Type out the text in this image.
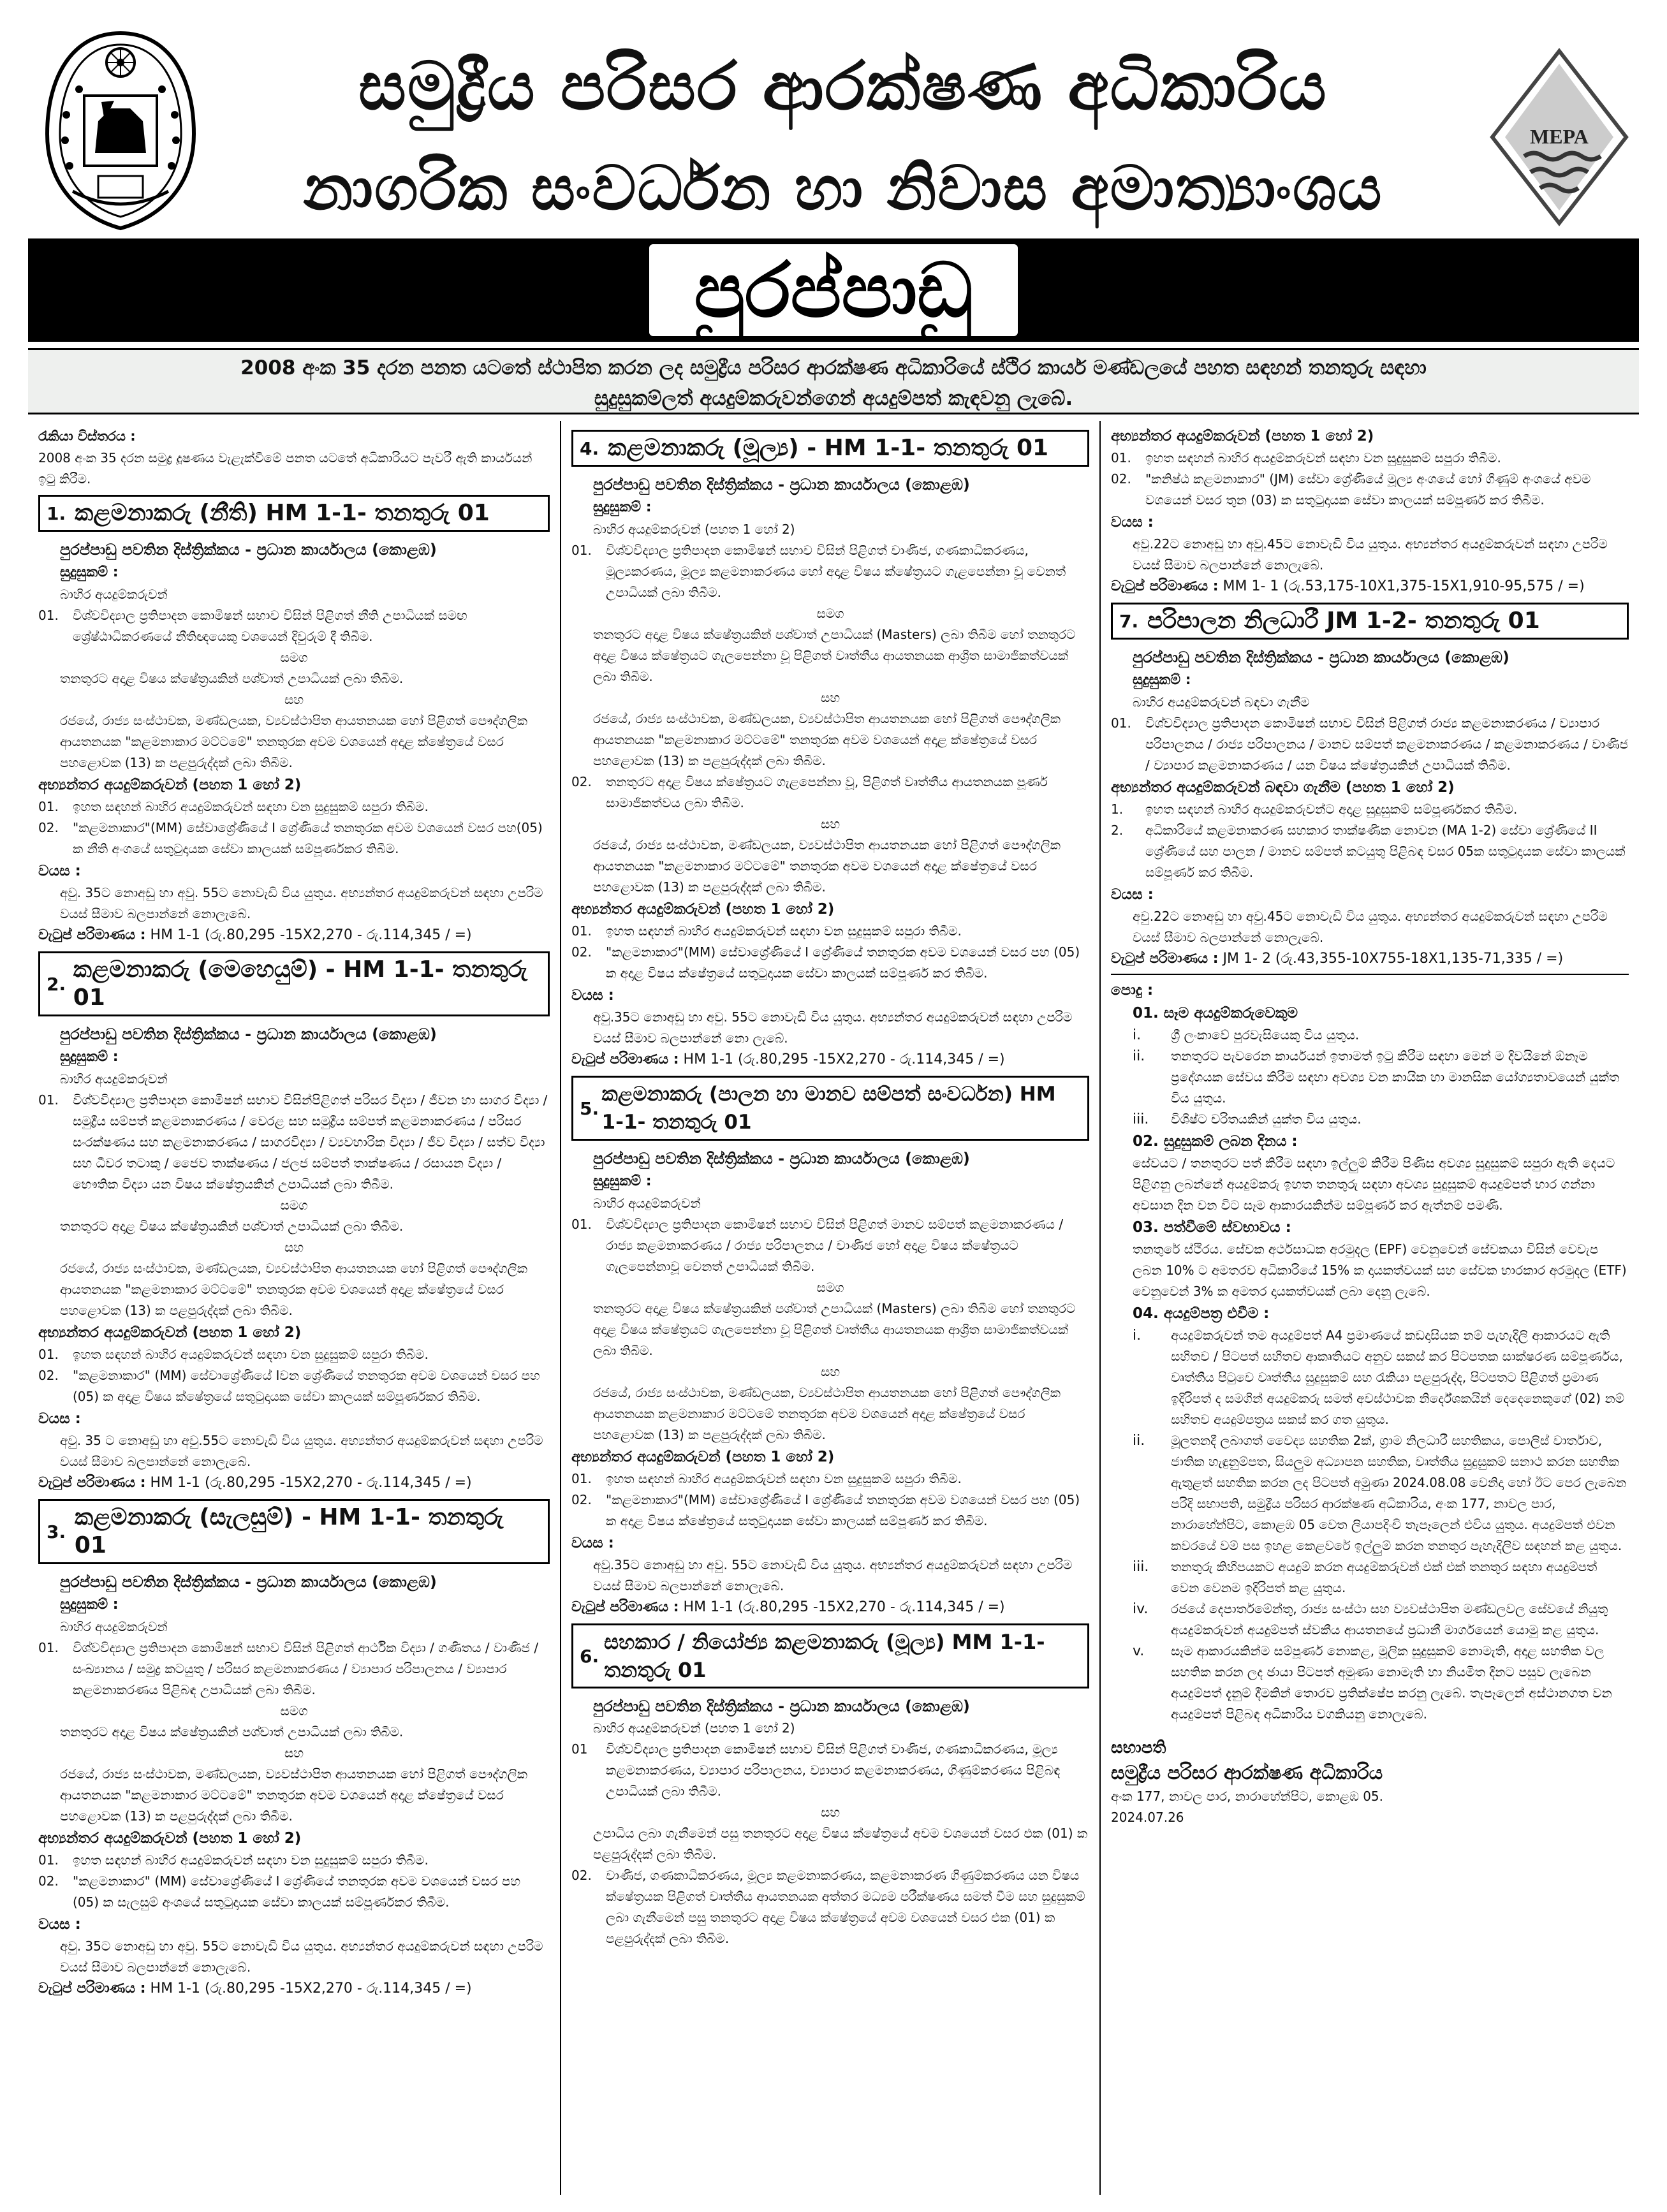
සමුද්‍රීය පරිසර ආරක්ෂණ අධිකාරිය
නාගරික සංවර්ධන හා නිවාස අමාත්‍යාංශය
MEPA
පුරප්පාඩු
2008 අංක 35 දරන පනත යටතේ ස්ථාපිත කරන ලද සමුද්‍රීය පරිසර ආරක්ෂණ අධිකාරියේ ස්ථිර කාර්ය මණ්ඩලයේ පහත සඳහන් තනතුරු සඳහා
සුදුසුකම්ලත් අයදුම්කරුවන්ගෙන් අයදුම්පත් කැඳවනු ලැබේ.

රැකියා විස්තරය :

2008 අංක 35 දරන සමුද්‍ර දූෂණය වැළැක්වීමේ පනත යටතේ අධිකාරියට පැවරී ඇති කාර්යයන් ඉටු කිරීම.

1. කළමනාකරු (නීති) HM 1-1- තනතුරු 01
පුරප්පාඩු පවතින දිස්ත්‍රික්කය - ප්‍රධාන කාර්යාලය (කොළඹ)
සුදුසුකම් :

බාහිර අයදුම්කරුවන්

01.	විශ්වවිද්‍යාල ප්‍රතිපාදන කොමිෂන් සභාව විසින් පිළිගත් නීති උපාධියක් සමඟ ශ්‍රේෂ්ඨාධිකරණයේ නීතිඥයෙකු වශයෙන් දිවුරුම් දී තිබීම.

සමග

තනතුරට අදාළ විෂය ක්ෂේත්‍රයකින් පශ්චාත් උපාධියක් ලබා තිබීම.

සහ

රජයේ, රාජ්‍ය සංස්ථාවක, මණ්ඩලයක, ව්‍යවස්ථාපිත ආයතනයක හෝ පිළිගත් පෞද්ගලික ආයතනයක "කළමනාකාර මට්ටමේ" තනතුරක අවම වශයෙන් අදාළ ක්ෂේත්‍රයේ වසර පහළොවක (13) ක පළපුරුද්දක් ලබා තිබීම.

අභ්‍යන්තර අයදුම්කරුවන් (පහත 1 හෝ 2)
01.	ඉහත සඳහන් බාහිර අයදුම්කරුවන් සඳහා වන සුදුසුකම් සපුරා තිබීම.
02.	"කළමනාකාර"(MM) සේවාශ්‍රේණියේ I ශ්‍රේණියේ තනතුරක අවම වශයෙන් වසර පහ(05) ක නීති අංශයේ සතුටුදායක සේවා කාලයක් සම්පූර්ණකර තිබීම.
වයස :

අවු. 35ට නොඅඩු හා අවු. 55ට නොවැඩි විය යුතුය. අභ්‍යන්තර අයදුම්කරුවන් සඳහා උපරිම වයස් සීමාව බලපාන්නේ නොලැබේ.

වැටුප් පරිමාණය : HM 1-1 (රු.80,295 -15X2,270 - රු.114,345 / =)
2.
කළමනාකරු (මෙහෙයුම්) - HM 1-1- තනතුරු 01
පුරප්පාඩු පවතින දිස්ත්‍රික්කය - ප්‍රධාන කාර්යාලය (කොළඹ)
සුදුසුකම් :

බාහිර අයදුම්කරුවන්

01.	විශ්වවිද්‍යාල ප්‍රතිපාදන කොමිෂන් සභාව විසින්පිළිගත් පරිසර විද්‍යා / ජීවන හා සාගර විද්‍යා / සමුද්‍රීය සම්පත් කළමනාකරණය / වෙරළ සහ සමුද්‍රීය සම්පත් කළමනාකරණය / පරිසර සංරක්ෂණය සහ කළමනාකරණය / සාගරවිද්‍යා / ව්‍යවහාරික විද්‍යා / ජීව විද්‍යා / සත්ව විද්‍යා සහ ධීවර තටාකු / ජෛව තාක්ෂණය / ජලජ සම්පත් තාක්ෂණය / රසායන විද්‍යා / භෞතික විද්‍යා යන විෂය ක්ෂේත්‍රයකින් උපාධියක් ලබා තිබීම.

සමග

තනතුරට අදාළ විෂය ක්ෂේත්‍රයකින් පශ්චාත් උපාධියක් ලබා තිබීම.

සහ

රජයේ, රාජ්‍ය සංස්ථාවක, මණ්ඩලයක, ව්‍යවස්ථාපිත ආයතනයක හෝ පිළිගත් පෞද්ගලික ආයතනයක "කළමනාකාර මට්ටමේ" තනතුරක අවම වශයෙන් අදාළ ක්ෂේත්‍රයේ වසර පහළොවක (13) ක පළපුරුද්දක් ලබා තිබීම.

අභ්‍යන්තර අයදුම්කරුවන් (පහත 1 හෝ 2)
01.	ඉහත සඳහන් බාහිර අයදුම්කරුවන් සඳහා වන සුදුසුකම් සපුරා තිබීම.
02.	"කළමනාකාර" (MM) සේවාශ්‍රේණියේ Iවන ශ්‍රේණියේ තනතුරක අවම වශයෙන් වසර පහ (05) ක අදාළ විෂය ක්ෂේත්‍රයේ සතුටුදායක සේවා කාලයක් සම්පූර්ණකර තිබීම.
වයස :

අවු. 35 ට නොඅඩු හා අවු.55ට නොවැඩි විය යුතුය. අභ්‍යන්තර අයදුම්කරුවන් සඳහා උපරිම වයස් සීමාව බලපාන්නේ නොලැබේ.

වැටුප් පරිමාණය : HM 1-1 (රු.80,295 -15X2,270 - රු.114,345 / =)
3.
කළමනාකරු (සැලසුම්) - HM 1-1- තනතුරු 01
පුරප්පාඩු පවතින දිස්ත්‍රික්කය - ප්‍රධාන කාර්යාලය (කොළඹ)
සුදුසුකම් :

බාහිර අයදුම්කරුවන්

01.	විශ්වවිද්‍යාල ප්‍රතිපාදන කොමිෂන් සභාව විසින් පිළිගත් ආර්ථික විද්‍යා / ගණිතය / වාණිජ / සංඛ්‍යානය / සමුද්‍ර කටයුතු / පරිසර කළමනාකරණය / ව්‍යාපාර පරිපාලනය / ව්‍යාපාර කළමනාකරණය පිළිබඳ උපාධියක් ලබා තිබීම.

සමග

තනතුරට අදාළ විෂය ක්ෂේත්‍රයකින් පශ්චාත් උපාධියක් ලබා තිබීම.

සහ

රජයේ, රාජ්‍ය සංස්ථාවක, මණ්ඩලයක, ව්‍යවස්ථාපිත ආයතනයක හෝ පිළිගත් පෞද්ගලික ආයතනයක "කළමනාකාර මට්ටමේ" තනතුරක අවම වශයෙන් අදාළ ක්ෂේත්‍රයේ වසර පහළොවක (13) ක පළපුරුද්දක් ලබා තිබීම.

අභ්‍යන්තර අයදුම්කරුවන් (පහත 1 හෝ 2)
01.	ඉහත සඳහන් බාහිර අයදුම්කරුවන් සඳහා වන සුදුසුකම් සපුරා තිබීම.
02.	"කළමනාකාර" (MM) සේවාශ්‍රේණියේ I ශ්‍රේණියේ තනතුරක අවම වශයෙන් වසර පහ (05) ක සැලසුම් අංශයේ සතුටුදායක සේවා කාලයක් සම්පූර්ණකර තිබීම.
වයස :

අවු. 35ට නොඅඩු හා අවු. 55ට නොවැඩි විය යුතුය. අභ්‍යන්තර අයදුම්කරුවන් සඳහා උපරිම වයස් සීමාව බලපාන්නේ නොලැබේ.

වැටුප් පරිමාණය : HM 1-1 (රු.80,295 -15X2,270 - රු.114,345 / =)
4. කළමනාකරු (මූල්‍ය) - HM 1-1- තනතුරු 01
පුරප්පාඩු පවතින දිස්ත්‍රික්කය - ප්‍රධාන කාර්යාලය (කොළඹ)
සුදුසුකම් :

බාහිර අයදුම්කරුවන් (පහත 1 හෝ 2)

01.	විශ්වවිද්‍යාල ප්‍රතිපාදන කොමිෂන් සභාව විසින් පිළිගත් වාණිජ, ගණකාධිකරණය, මූල්‍යකරණය, මූල්‍ය කළමනාකරණය හෝ අදාළ විෂය ක්ෂේත්‍රයට ගැළපෙන්නා වූ වෙනත් උපාධියක් ලබා තිබීම.

සමග

තනතුරට අදාළ විෂය ක්ෂේත්‍රයකින් පශ්චාත් උපාධියක් (Masters) ලබා තිබීම හෝ තනතුරට අදාළ විෂය ක්ෂේත්‍රයට ගැලපෙන්නා වූ පිළිගත් වෘත්තීය ආයතනයක ආශ්‍රිත සාමාජිකත්වයක් ලබා තිබීම.

සහ

රජයේ, රාජ්‍ය සංස්ථාවක, මණ්ඩලයක, ව්‍යවස්ථාපිත ආයතනයක හෝ පිළිගත් පෞද්ගලික ආයතනයක "කළමනාකාර මට්ටමේ" තනතුරක අවම වශයෙන් අදාළ ක්ෂේත්‍රයේ වසර පහළොවක (13) ක පළපුරුද්දක් ලබා තිබීම.

02.	තනතුරට අදාළ විෂය ක්ෂේත්‍රයට ගැළපෙන්නා වූ, පිළිගත් වෘත්තීය ආයතනයක පූර්ණ සාමාජිකත්වය ලබා තිබීම.

සහ

රජයේ, රාජ්‍ය සංස්ථාවක, මණ්ඩලයක, ව්‍යවස්ථාපිත ආයතනයක හෝ පිළිගත් පෞද්ගලික ආයතනයක "කළමනාකාර මට්ටමේ" තනතුරක අවම වශයෙන් අදාළ ක්ෂේත්‍රයේ වසර පහළොවක (13) ක පළපුරුද්දක් ලබා තිබීම.

අභ්‍යන්තර අයදුම්කරුවන් (පහත 1 හෝ 2)
01.	ඉහත සඳහන් බාහිර අයදුම්කරුවන් සඳහා වන සුදුසුකම් සපුරා තිබීම.
02.	"කළමනාකාර"(MM) සේවාශ්‍රේණියේ I ශ්‍රේණියේ තනතුරක අවම වශයෙන් වසර පහ (05) ක අදාළ විෂය ක්ෂේත්‍රයේ සතුටුදායක සේවා කාලයක් සම්පූර්ණ කර තිබීම.
වයස :

අවු.35ට නොඅඩු හා අවු. 55ට නොවැඩි විය යුතුය. අභ්‍යන්තර අයදුම්කරුවන් සඳහා උපරිම වයස් සීමාව බලපාන්නේ නො ලැබේ.

වැටුප් පරිමාණය : HM 1-1 (රු.80,295 -15X2,270 - රු.114,345 / =)
5.
කළමනාකරු (පාලන හා මානව සම්පත් සංවර්ධන) HM 1-1- තනතුරු 01
පුරප්පාඩු පවතින දිස්ත්‍රික්කය - ප්‍රධාන කාර්යාලය (කොළඹ)
සුදුසුකම් :

බාහිර අයදුම්කරුවන්

01.	විශ්වවිද්‍යාල ප්‍රතිපාදන කොමිෂන් සභාව විසින් පිළිගත් මානව සම්පත් කළමනාකරණය / රාජ්‍ය කළමනාකරණය / රාජ්‍ය පරිපාලනය / වාණිජ හෝ අදාළ විෂය ක්ෂේත්‍රයට ගැලපෙන්නාවූ වෙනත් උපාධියක් තිබීම.

සමග

තනතුරට අදාළ විෂය ක්ෂේත්‍රයකින් පශ්චාත් උපාධියක් (Masters) ලබා තිබීම හෝ තනතුරට අදාළ විෂය ක්ෂේත්‍රයට ගැලපෙන්නා වූ පිළිගත් වෘත්තීය ආයතනයක ආශ්‍රිත සාමාජිකත්වයක් ලබා තිබීම.

සහ

රජයේ, රාජ්‍ය සංස්ථාවක, මණ්ඩලයක, ව්‍යවස්ථාපිත ආයතනයක හෝ පිළිගත් පෞද්ගලික ආයතනයක කළමනාකාර මට්ටමේ තනතුරක අවම වශයෙන් අදාළ ක්ෂේත්‍රයේ වසර පහළොවක (13) ක පළපුරුද්දක් ලබා තිබීම.

අභ්‍යන්තර අයදුම්කරුවන් (පහත 1 හෝ 2)
01.	ඉහත සඳහන් බාහිර අයදුම්කරුවන් සඳහා වන සුදුසුකම් සපුරා තිබීම.
02.	"කළමනාකාර"(MM) සේවාශ්‍රේණියේ I ශ්‍රේණියේ තනතුරක අවම වශයෙන් වසර පහ (05) ක අදාළ විෂය ක්ෂේත්‍රයේ සතුටුදායක සේවා කාලයක් සම්පූර්ණ කර තිබීම.
වයස :

අවු.35ට නොඅඩු හා අවු. 55ට නොවැඩි විය යුතුය. අභ්‍යන්තර අයදුම්කරුවන් සඳහා උපරිම වයස් සීමාව බලපාන්නේ නොලැබේ.

වැටුප් පරිමාණය : HM 1-1 (රු.80,295 -15X2,270 - රු.114,345 / =)
6.
සහකාර / නියෝජ්‍ය කළමනාකරු (මූල්‍ය) MM 1-1- තනතුරු 01
පුරප්පාඩු පවතින දිස්ත්‍රික්කය - ප්‍රධාන කාර්යාලය (කොළඹ)

බාහිර අයදුම්කරුවන් (පහත 1 හෝ 2)

01	විශ්වවිද්‍යාල ප්‍රතිපාදන කොමිෂන් සභාව විසින් පිළිගත් වාණිජ, ගණකාධිකරණය, මූල්‍ය කළමනාකරණය, ව්‍යාපාර පරිපාලනය, ව්‍යාපාර කළමනාකරණය, ගිණුම්කරණය පිළිබඳ උපාධියක් ලබා තිබීම.

සහ

උපාධිය ලබා ගැනීමෙන් පසු තනතුරට අදාළ විෂය ක්ෂේත්‍රයේ අවම වශයෙන් වසර එක (01) ක පළපුරුද්දක් ලබා තිබීම.

02.	වාණිජ, ගණකාධිකරණය, මූල්‍ය කළමනාකරණය, කළමනාකරණ ගිණුම්කරණය යන විෂය ක්ෂේත්‍රයක පිළිගත් වෘත්තීය ආයතනයක අත්තර මධ්‍යම පරීක්ෂණය සමත් වීම සහ සුදුසුකම් ලබා ගැනීමෙන් පසු තනතුරට අදාළ විෂය ක්ෂේත්‍රයේ අවම වශයෙන් වසර එක (01) ක පළපුරුද්දක් ලබා තිබීම.
අභ්‍යන්තර අයදුම්කරුවන් (පහත 1 හෝ 2)
01.	ඉහත සඳහන් බාහිර අයදුම්කරුවන් සඳහා වන සුදුසුකම් සපුරා තිබීම.
02.	"කනිෂ්ඨ කළමනාකාර" (JM) සේවා ශ්‍රේණියේ මූල්‍ය අංශයේ හෝ ගිණුම් අංශයේ අවම වශයෙන් වසර තුන (03) ක සතුටුදායක සේවා කාලයක් සම්පූර්ණ කර තිබීම.
වයස :

අවු.22ට නොඅඩු හා අවු.45ට නොවැඩි විය යුතුය. අභ්‍යන්තර අයදුම්කරුවන් සඳහා උපරිම වයස් සීමාව බලපාන්නේ නොලැබේ.

වැටුප් පරිමාණය : MM 1- 1 (රු.53,175-10X1,375-15X1,910-95,575 / =)
7. පරිපාලන නිලධාරී JM 1-2- තනතුරු 01
පුරප්පාඩු පවතින දිස්ත්‍රික්කය - ප්‍රධාන කාර්යාලය (කොළඹ)
සුදුසුකම් :

බාහිර අයදුම්කරුවන් බඳවා ගැනීම

01.	විශ්වවිද්‍යාල ප්‍රතිපාදන කොමිෂන් සභාව විසින් පිළිගත් රාජ්‍ය කළමනාකරණය / ව්‍යාපාර පරිපාලනය / රාජ්‍ය පරිපාලනය / මානව සම්පත් කළමනාකරණය / කළමනාකරණය / වාණිජ / ව්‍යාපාර කළමනාකරණය / යන විෂය ක්ෂේත්‍රයකින් උපාධියක් තිබීම.
අභ්‍යන්තර අයදුම්කරුවන් බඳවා ගැනීම (පහත 1 හෝ 2)
1.	ඉහත සඳහන් බාහිර අයදුම්කරුවන්ට අදාළ සුදුසුකම් සම්පූර්ණකර තිබීම.
2.	අධිකාරියේ කළමනාකරණ සහකාර තාක්ෂණික නොවන (MA 1-2) සේවා ශ්‍රේණියේ II ශ්‍රේණියේ සහ පාලන / මානව සම්පත් කටයුතු පිළිබඳ වසර 05ක සතුටුදායක සේවා කාලයක් සම්පූර්ණ කර තිබීම.
වයස :

අවු.22ට නොඅඩු හා අවු.45ට නොවැඩි විය යුතුය. අභ්‍යන්තර අයදුම්කරුවන් සඳහා උපරිම වයස් සීමාව බලපාන්නේ නොලැබේ.

වැටුප් පරිමාණය : JM 1- 2 (රු.43,355-10X755-18X1,135-71,335 / =)
පොදු :
01. සෑම අයදුම්කරුවෙකුම
i.	ශ්‍රී ලංකාවේ පුරවැසියෙකු විය යුතුය.
ii.	තනතුරට පැවරෙන කාර්යයන් ඉතාමත් ඉටු කිරීම සඳහා මෙන් ම දිවයිනේ ඕනෑම ප්‍රදේශයක සේවය කිරීම සඳහා අවශ්‍ය වන කායික හා මානසික යෝග්‍යතාවයෙන් යුක්ත විය යුතුය.
iii.	විශිෂ්ට චරිතයකින් යුක්ත විය යුතුය.
02. සුදුසුකම් ලබන දිනය :

සේවයට / තනතුරට පත් කිරීම සඳහා ඉල්ලුම් කිරීම පිණිස අවශ්‍ය සුදුසුකම් සපුරා ඇති දෙයට පිළිගනු ලබන්නේ අයදුම්කරු ඉහත තනතුරු සඳහා අවශ්‍ය සුදුසුකම් අයදුම්පත් භාර ගන්නා අවසාන දින වන විට සෑම ආකාරයකින්ම සම්පූර්ණ කර ඇත්නම් පමණි.

03. පත්වීමේ ස්වභාවය :

තනතුරේ ස්ථිරය. සේවක අර්ථසාධක අරමුදල (EPF) වෙනුවෙන් සේවකයා විසින් වෙවැප ලබන 10% ට අමතරව අධිකාරියේ 15% ක දායකත්වයක් සහ සේවක භාරකාර අරමුදල (ETF) වෙනුවෙන් 3% ක අමතර දායකත්වයක් ලබා දෙනු ලැබේ.

04. අයදුම්පත්‍ර එවීම :
i.	අයදුම්කරුවන් තම අයදුම්පත් A4 ප්‍රමාණයේ කඩදාසියක නම් පැහැදිලි ආකාරයට ඇති සහිතව / පිටපත් සහිතව ආකෘතියට අනුව සකස් කර පිටපතක සාක්ෂරණ සම්පූර්ණය, වෘත්තීය පිටුවෙ වෘත්තීය සුදුසුකම් සහ රැකියා පළපුරුද්ද, පිටපතට පිළිගත් ප්‍රමාණ ඉදිරිපත් ද සමගින් අයදුම්කරු සමත් අවස්ථාවක නිර්දේශකයින් දෙදෙනෙකුගේ (02) නම් සහිතව අයදුම්පත්‍රය සකස් කර ගත යුතුය.
ii.	මූලතනදී ලබාගත් වෛද්‍ය සහතික 2ක්, ග්‍රාම නිලධාරී සහතිකය, පොලිස් වාර්තාව, ජාතික හැඳුනුම්පත, සියලුම අධ්‍යාපන සහතික, වෘත්තීය සුදුසුකම් සනාථ කරන සහතික ඇතුළත් සහතික කරන ලද පිටපත් අමුණා 2024.08.08 වෙනිදා හෝ ඊට පෙර ලැබෙන පරිදි සභාපති, සමුද්‍රීය පරිසර ආරක්ෂණ අධිකාරිය, අංක 177, නාවල පාර, නාරාහේන්පිට, කොළඹ 05 වෙත ලියාපදිංචි තැපෑලෙන් එවිය යුතුය. අයදුම්පත් එවන කවරයේ වම් පස ඉහළ කෙළවරේ ඉල්ලුම් කරන තනතුර පැහැදිලිව සඳහන් කළ යුතුය.
iii.	තනතුරු කිහිපයකට අයදුම් කරන අයදුම්කරුවන් එක් එක් තනතුර සඳහා අයදුම්පත් වෙන වෙනම ඉදිරිපත් කළ යුතුය.
iv.	රජයේ දෙපාර්තමේන්තු, රාජ්‍ය සංස්ථා සහ ව්‍යවස්ථාපිත මණ්ඩලවල සේවයේ නියුතු අයදුම්කරුවන් අයදුම්පත් ස්වකීය ආයතනයේ ප්‍රධානී මාර්ගයෙන් යොමු කළ යුතුය.
v.	සෑම ආකාරයකින්ම සම්පූර්ණ නොකළ, මූලික සුදුසුකම් නොමැති, අදාළ සහතික වල සහතික කරන ලද ඡායා පිටපත් අමුණා නොමැති හා නියමිත දිනට පසුව ලැබෙන අයදුම්පත් දැනුම් දීමකින් තොරව ප්‍රතික්ෂේප කරනු ලැබේ. තැපෑලෙන් අස්ථානගත වන අයදුම්පත් පිළිබඳ අධිකාරිය වගකියනු නොලැබේ.
සභාපති
සමුද්‍රීය පරිසර ආරක්ෂණ අධිකාරිය
අංක 177, නාවල පාර, නාරාහේන්පිට, කොළඹ 05.
2024.07.26
